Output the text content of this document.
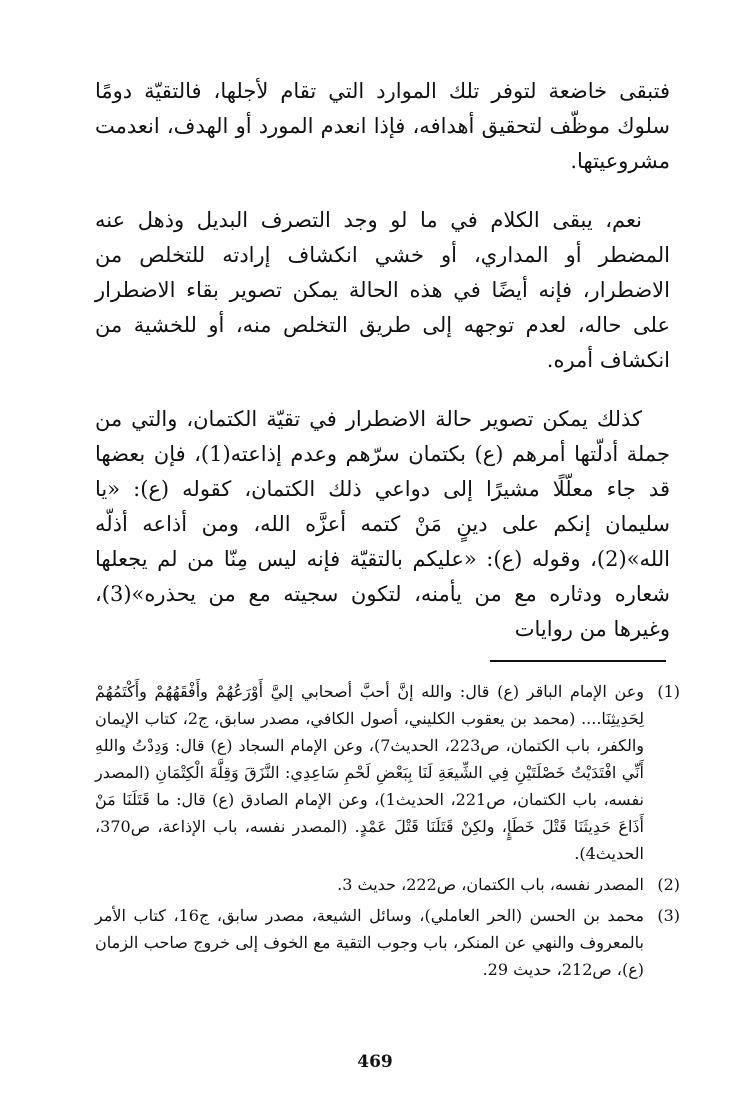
فتبقى خاضعة لتوفر تلك الموارد التي تقام لأجلها، فالتقيّة دومًا سلوك موظّف لتحقيق أهدافه، فإذا انعدم المورد أو الهدف، انعدمت مشروعيتها.

نعم، يبقى الكلام في ما لو وجد التصرف البديل وذهل عنه المضطر أو المداري، أو خشي انكشاف إرادته للتخلص من الاضطرار، فإنه أيضًا في هذه الحالة يمكن تصوير بقاء الاضطرار على حاله، لعدم توجهه إلى طريق التخلص منه، أو للخشية من انكشاف أمره.

كذلك يمكن تصوير حالة الاضطرار في تقيّة الكتمان، والتي من جملة أدلّتها أمرهم (ع) بكتمان سرّهم وعدم إذاعته(1)، فإن بعضها قد جاء معلّلًا مشيرًا إلى دواعي ذلك الكتمان، كقوله (ع): «يا سليمان إنكم على دينٍ مَنْ كتمه أعزَّه الله، ومن أذاعه أذلّه الله»(2)، وقوله (ع): «عليكم بالتقيّة فإنه ليس مِنّا من لم يجعلها شعاره ودثاره مع من يأمنه، لتكون سجيته مع من يحذره»(3)، وغيرها من روايات

(1)
وعن الإمام الباقر (ع) قال: والله إنَّ أحبَّ أصحابي إليَّ أَوْرَعُهُمْ وأَفْقَهُهُمْ وأَكْتَمُهُمْ لِحَدِيثِنَا.... (محمد بن يعقوب الكليني، أصول الكافي، مصدر سابق، ج2، كتاب الإيمان والكفر، باب الكتمان، ص223، الحديث7)، وعن الإمام السجاد (ع) قال: وَدِدْتُ واللهِ أَنِّي افْتَدَيْتُ خَصْلَتَيْنِ فِي الشِّيعَةِ لَنَا بِبَعْضِ لَحْمِ سَاعِدِي: النَّزَقَ وَقِلَّةَ الْكِتْمَانِ (المصدر نفسه، باب الكتمان، ص221، الحديث1)، وعن الإمام الصادق (ع) قال: ما قَتَلَنَا مَنْ أَذَاعَ حَدِيثَنَا قَتْلَ خَطَإٍ، ولكِنْ قَتَلَنَا قَتْلَ عَمْدٍ. (المصدر نفسه، باب الإذاعة، ص370، الحديث4).
(2)
المصدر نفسه، باب الكتمان، ص222، حديث 3.
(3)
محمد بن الحسن (الحر العاملي)، وسائل الشيعة، مصدر سابق، ج16، كتاب الأمر بالمعروف والنهي عن المنكر، باب وجوب التقية مع الخوف إلى خروج صاحب الزمان (ع)، ص212، حديث 29.
469
